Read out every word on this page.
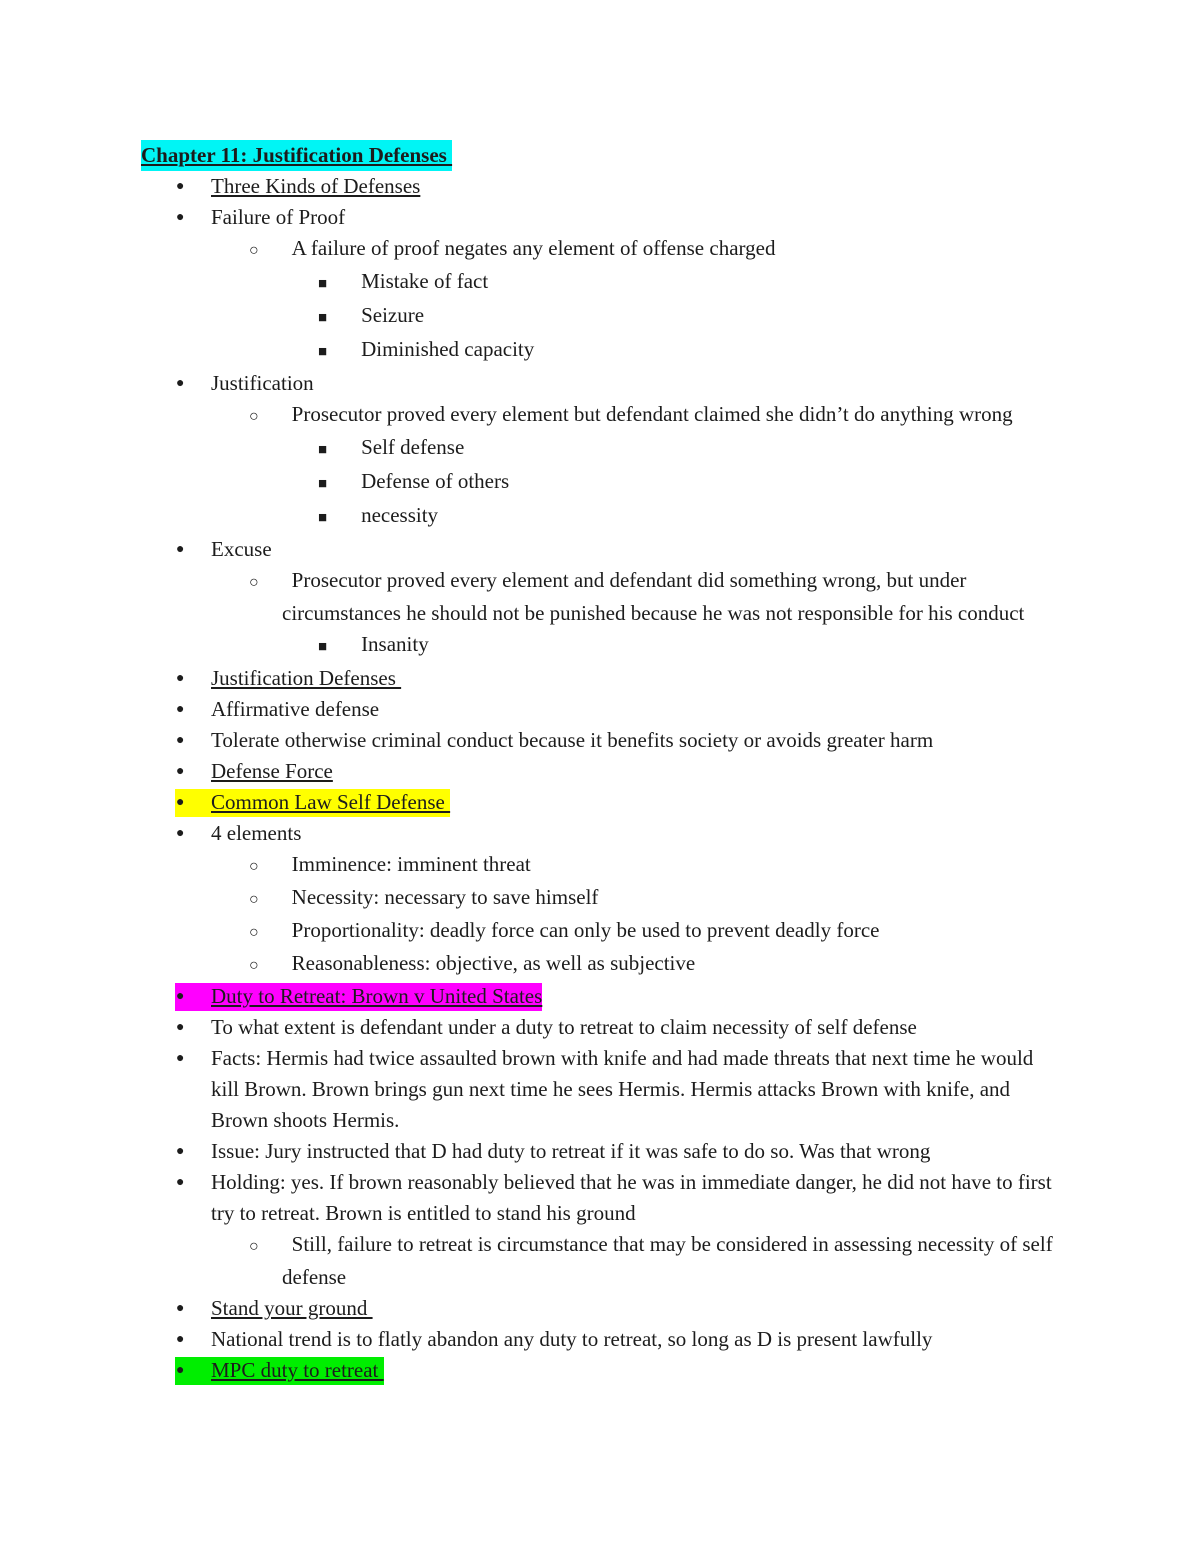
Chapter 11: Justification Defenses
● Three Kinds of Defenses
● Failure of Proof
○ A failure of proof negates any element of offense charged
■ Mistake of fact
■ Seizure
■ Diminished capacity
● Justification
○ Prosecutor proved every element but defendant claimed she didn’t do anything wrong
■ Self defense
■ Defense of others
■ necessity
● Excuse
○ Prosecutor proved every element and defendant did something wrong, but under circumstances he should not be punished because he was not responsible for his conduct
■ Insanity
● Justification Defenses
● Affirmative defense
● Tolerate otherwise criminal conduct because it benefits society or avoids greater harm
● Defense Force
● Common Law Self Defense
● 4 elements
○ Imminence: imminent threat
○ Necessity: necessary to save himself
○ Proportionality: deadly force can only be used to prevent deadly force
○ Reasonableness: objective, as well as subjective
● Duty to Retreat: Brown v United States
● To what extent is defendant under a duty to retreat to claim necessity of self defense
● Facts: Hermis had twice assaulted brown with knife and had made threats that next time he would kill Brown. Brown brings gun next time he sees Hermis. Hermis attacks Brown with knife, and Brown shoots Hermis.
● Issue: Jury instructed that D had duty to retreat if it was safe to do so. Was that wrong
● Holding: yes. If brown reasonably believed that he was in immediate danger, he did not have to first try to retreat. Brown is entitled to stand his ground
○ Still, failure to retreat is circumstance that may be considered in assessing necessity of self defense
● Stand your ground
● National trend is to flatly abandon any duty to retreat, so long as D is present lawfully
● MPC duty to retreat
